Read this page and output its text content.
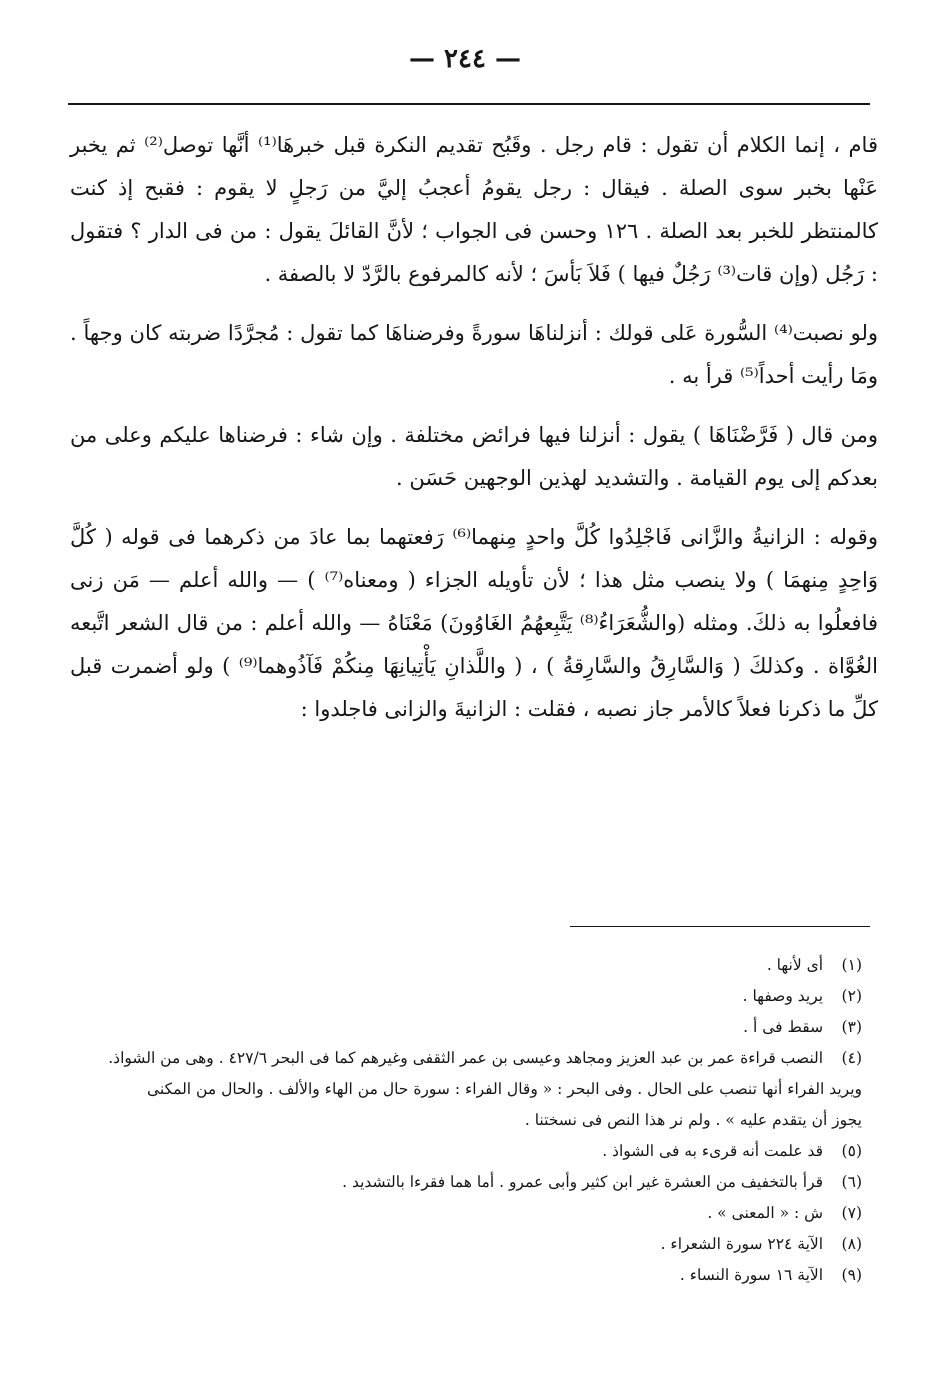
— ٢٤٤ —

قام ، إنما الكلام أن تقول : قام رجل . وقَبُح تقديم النكرة قبل خبرهَا⁽¹⁾ أنَّها توصل⁽²⁾ ثم يخبر عَنْها بخبر سوى الصلة . فيقال : رجل يقومُ أعجبُ إليَّ من رَجلٍ لا يقوم : فقبح إذ كنت كالمنتظر للخبر بعد الصلة . ١٢٦ وحسن فى الجواب ؛ لأنَّ القائلَ يقول : من فى الدار ؟ فتقول : رَجُل (وإن قات⁽³⁾ رَجُلٌ فيها ) فَلاَ بَأسَ ؛ لأنه كالمرفوع بالرَّدّ لا بالصفة .

ولو نصبت⁽⁴⁾ السُّورة عَلى قولك : أنزلناهَا سورةً وفرضناهَا كما تقول : مُجرَّدًا ضربته كان وجهاً . ومَا رأيت أحداً⁽⁵⁾ قرأ به .

ومن قال ( فَرَّضْنَاهَا ) يقول : أنزلنا فيها فرائض مختلفة . وإن شاء : فرضناها عليكم وعلى من بعدكم إلى يوم القيامة . والتشديد لهذين الوجهين حَسَن .

وقوله : الزانيةُ والزَّانى فَاجْلِدُوا كُلَّ واحدٍ مِنهما⁽⁶⁾ رَفعتهما بما عادَ من ذكرهما فى قوله ( كُلَّ وَاحِدٍ مِنهمَا ) ولا ينصب مثل هذا ؛ لأن تأويله الجزاء ( ومعناه⁽⁷⁾ ) — والله أعلم — مَن زنى فافعلُوا به ذلكَ. ومثله (والشُّعَرَاءُ⁽⁸⁾ يَتَّبِعهُمُ الغَاوُونَ) مَعْنَاهُ — والله أعلم : من قال الشعر اتَّبعه الغُوَّاة . وكذلكَ ( وَالسَّارِقُ والسَّارِقةُ ) ، ( واللَّذانِ يَأْتِيانِهَا مِنكُمْ فَآذُوهما⁽⁹⁾ ) ولو أضمرت قبل كلِّ ما ذكرنا فعلاً كالأمر جاز نصبه ، فقلت : الزانيةَ والزانى فاجلدوا :

(١) أى لأنها .

(٢) يريد وصفها .

(٣) سقط فى أ .

(٤) النصب قراءة عمر بن عبد العزيز ومجاهد وعيسى بن عمر الثقفى وغيرهم كما فى البحر ٤٢٧/٦ . وهى من الشواذ.

ويريد الفراء أنها تنصب على الحال . وفى البحر : « وقال الفراء : سورة حال من الهاء والألف . والحال من المكنى

يجوز أن يتقدم عليه » . ولم نر هذا النص فى نسختنا .

(٥) قد علمت أنه قرىء به فى الشواذ .

(٦) قرأ بالتخفيف من العشرة غير ابن كثير وأبى عمرو . أما هما فقرءا بالتشديد .

(٧) ش : « المعنى » .

(٨) الآية ٢٢٤ سورة الشعراء .

(٩) الآية ١٦ سورة النساء .
